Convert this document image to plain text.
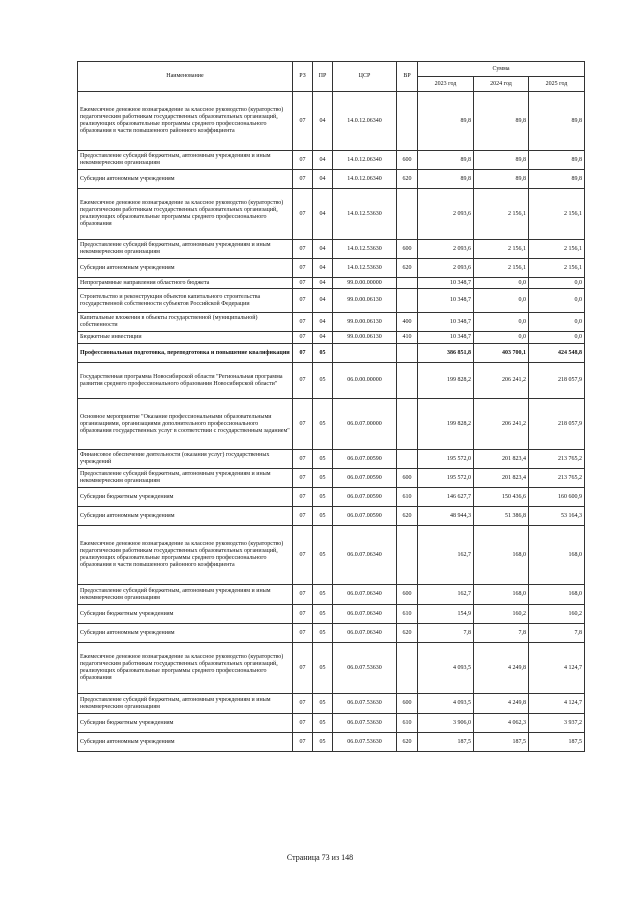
Наименование	РЗ	ПР	ЦСР	ВР	Сумма		
					2023 год	2024 год	2025 год
Ежемесячное денежное вознаграждение за классное руководство (кураторство) педагогическим работникам государственных образовательных организаций, реализующих образовательные программы среднего профессионального образования в части повышенного районного коэффициента	07	04	14.0.12.06340		89,8	89,8	89,8
Предоставление субсидий бюджетным, автономным учреждениям и иным некоммерческим организациям	07	04	14.0.12.06340	600	89,8	89,8	89,8
Субсидии автономным учреждениям	07	04	14.0.12.06340	620	89,8	89,8	89,8
Ежемесячное денежное вознаграждение за классное руководство (кураторство) педагогическим работникам государственных образовательных организаций, реализующих образовательные программы среднего профессионального образования	07	04	14.0.12.53630		2 093,6	2 156,1	2 156,1
Предоставление субсидий бюджетным, автономным учреждениям и иным некоммерческим организациям	07	04	14.0.12.53630	600	2 093,6	2 156,1	2 156,1
Субсидии автономным учреждениям	07	04	14.0.12.53630	620	2 093,6	2 156,1	2 156,1
Непрограммные направления областного бюджета	07	04	99.0.00.00000		10 348,7	0,0	0,0
Строительство и реконструкция объектов капитального строительства государственной собственности субъектов Российской Федерации	07	04	99.0.00.06130		10 348,7	0,0	0,0
Капитальные вложения в объекты государственной (муниципальной) собственности	07	04	99.0.00.06130	400	10 348,7	0,0	0,0
Бюджетные инвестиции	07	04	99.0.00.06130	410	10 348,7	0,0	0,0
Профессиональная подготовка, переподготовка и повышение квалификации	07	05			386 851,8	403 700,1	424 548,8
Государственная программа Новосибирской области "Региональная программа развития среднего профессионального образования Новосибирской области"	07	05	06.0.00.00000		199 828,2	206 241,2	218 057,9
Основное мероприятие "Оказание профессиональными образовательными организациями, организациями дополнительного профессионального образования государственных услуг в соответствии с государственным заданием"	07	05	06.0.07.00000		199 828,2	206 241,2	218 057,9
Финансовое обеспечение деятельности (оказания услуг) государственных учреждений	07	05	06.0.07.00590		195 572,0	201 823,4	213 765,2
Предоставление субсидий бюджетным, автономным учреждениям и иным некоммерческим организациям	07	05	06.0.07.00590	600	195 572,0	201 823,4	213 765,2
Субсидии бюджетным учреждениям	07	05	06.0.07.00590	610	146 627,7	150 436,6	160 600,9
Субсидии автономным учреждениям	07	05	06.0.07.00590	620	48 944,3	51 386,8	53 164,3
Ежемесячное денежное вознаграждение за классное руководство (кураторство) педагогическим работникам государственных образовательных организаций, реализующих образовательные программы среднего профессионального образования в части повышенного районного коэффициента	07	05	06.0.07.06340		162,7	168,0	168,0
Предоставление субсидий бюджетным, автономным учреждениям и иным некоммерческим организациям	07	05	06.0.07.06340	600	162,7	168,0	168,0
Субсидии бюджетным учреждениям	07	05	06.0.07.06340	610	154,9	160,2	160,2
Субсидии автономным учреждениям	07	05	06.0.07.06340	620	7,8	7,8	7,8
Ежемесячное денежное вознаграждение за классное руководство (кураторство) педагогическим работникам государственных образовательных организаций, реализующих образовательные программы среднего профессионального образования	07	05	06.0.07.53630		4 093,5	4 249,8	4 124,7
Предоставление субсидий бюджетным, автономным учреждениям и иным некоммерческим организациям	07	05	06.0.07.53630	600	4 093,5	4 249,8	4 124,7
Субсидии бюджетным учреждениям	07	05	06.0.07.53630	610	3 906,0	4 062,3	3 937,2
Субсидии автономным учреждениям	07	05	06.0.07.53630	620	187,5	187,5	187,5
Страница 73 из 148
